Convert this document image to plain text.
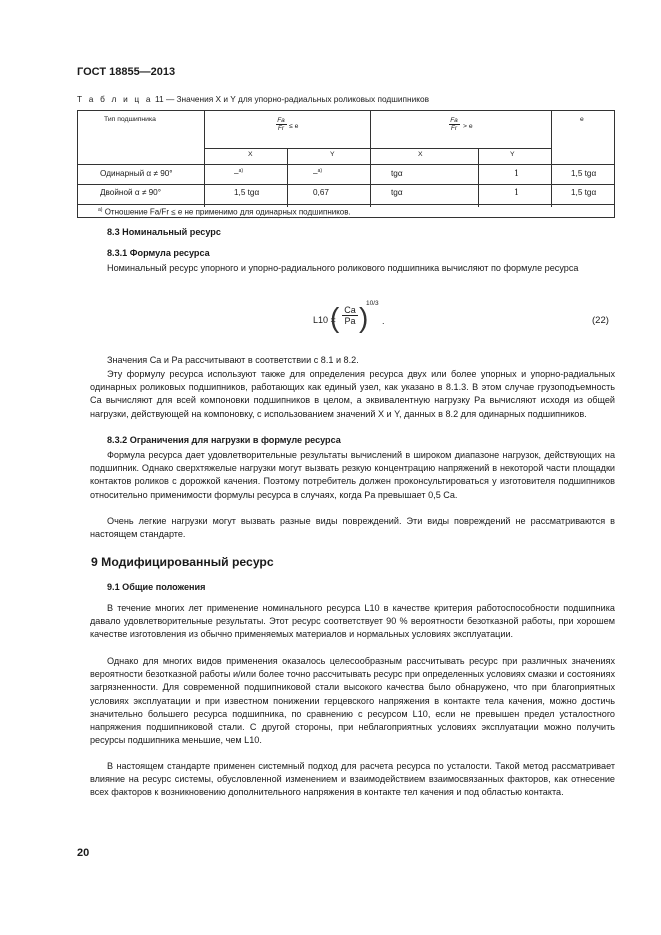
ГОСТ 18855—2013
Т а б л и ц а 11 — Значения X и Y для упорно-радиальных роликовых подшипников
Тип подшипника	e
Fa
Fr ≤ e
Fa
Fr > e
X	Y	X	Y
Одинарный α ≠ 90°	–$^{a)}$	–$^{a)}$	tgα	1	1,5 tgα
Двойной α ≠ 90°	1,5 tgα	0,67	tgα	1	1,5 tgα
$^{a)}$ Отношение Fa/Fr ≤ e не применимо для одинарных подшипников.
8.3 Номинальный ресурс
8.3.1 Формула ресурса
Номинальный ресурс упорного и упорно-радиального роликового подшипника вычисляют по формуле ресурса
L10 =
( Ca
Pa )
10/3
.	(22)
Значения Ca и Pa рассчитывают в соответствии с 8.1 и 8.2.
Эту формулу ресурса используют также для определения ресурса двух или более упорных и упорно-радиальных одинарных роликовых подшипников, работающих как единый узел, как указано в 8.1.3. В этом случае грузоподъемность Ca вычисляют для всей компоновки подшипников в целом, а эквивалентную нагрузку Pa вычисляют исходя из общей нагрузки, действующей на компоновку, с использованием значений X и Y, данных в 8.2 для одинарных подшипников.
8.3.2 Ограничения для нагрузки в формуле ресурса
Формула ресурса дает удовлетворительные результаты вычислений в широком диапазоне нагрузок, действующих на подшипник. Однако сверхтяжелые нагрузки могут вызвать резкую концентрацию напряжений в некоторой части площадки контактов роликов с дорожкой качения. Поэтому потребитель должен проконсультироваться у изготовителя подшипников относительно применимости формулы ресурса в случаях, когда Pa превышает 0,5 Ca.
Очень легкие нагрузки могут вызвать разные виды повреждений. Эти виды повреждений не рассматриваются в настоящем стандарте.
9 Модифицированный ресурс
9.1 Общие положения
В течение многих лет применение номинального ресурса L10 в качестве критерия работоспособности подшипника давало удовлетворительные результаты. Этот ресурс соответствует 90 % вероятности безотказной работы, при хорошем качестве изготовления из обычно применяемых материалов и нормальных условиях эксплуатации.
Однако для многих видов применения оказалось целесообразным рассчитывать ресурс при различных значениях вероятности безотказной работы и/или более точно рассчитывать ресурс при определенных условиях смазки и состояниях загрязненности. Для современной подшипниковой стали высокого качества было обнаружено, что при благоприятных условиях эксплуатации и при известном понижении герцевского напряжения в контакте тела качения, можно достичь значительно большего ресурса подшипника, по сравнению с ресурсом L10, если не превышен предел усталостного напряжения подшипниковой стали. С другой стороны, при неблагоприятных условиях эксплуатации можно получить ресурсы подшипника меньшие, чем L10.
В настоящем стандарте применен системный подход для расчета ресурса по усталости. Такой метод рассматривает влияние на ресурс системы, обусловленной изменением и взаимодействием взаимосвязанных факторов, как отнесение всех факторов к возникновению дополнительного напряжения в контакте тел качения и под областью контакта.
20
